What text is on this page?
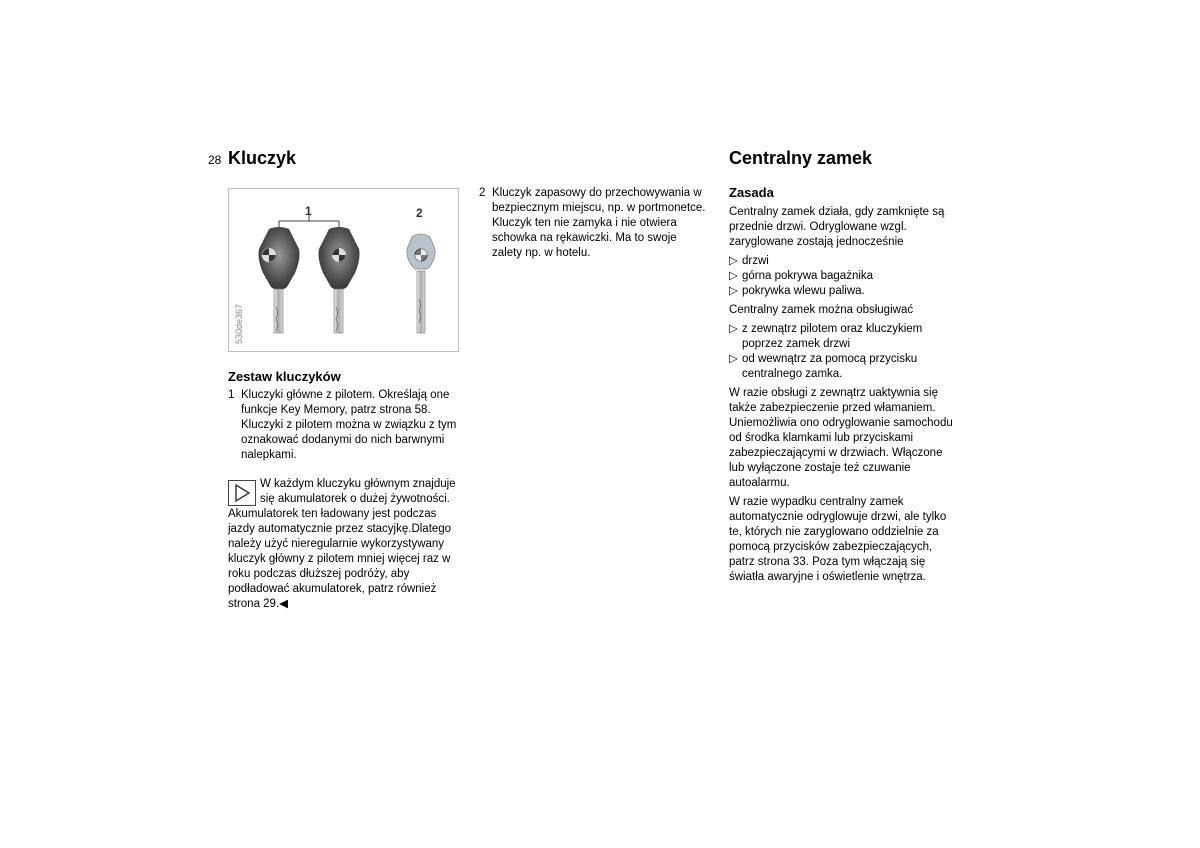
28 Kluczyk
1	2
530de367
Zestaw kluczyków
1 Kluczyki główne z pilotem. Określają one
funkcje Key Memory, patrz strona 58.
Kluczyki z pilotem można w związku z tym
oznakować dodanymi do nich barwnymi
nalepkami.
W każdym kluczyku głównym znajduje
się akumulatorek o dużej żywotności.
Akumulatorek ten ładowany jest podczas
jazdy automatycznie przez stacyjkę.Dlatego
należy użyć nieregularnie wykorzystywany
kluczyk główny z pilotem mniej więcej raz w
roku podczas dłuższej podróży, aby
podładować akumulatorek, patrz również
strona 29.◀
2 Kluczyk zapasowy do przechowywania w
bezpiecznym miejscu, np. w portmonetce.
Kluczyk ten nie zamyka i nie otwiera
schowka na rękawiczki. Ma to swoje
zalety np. w hotelu.
Centralny zamek
Zasada
Centralny zamek działa, gdy zamknięte są
przednie drzwi. Odryglowane wzgl.
zaryglowane zostają jednocześnie
▷ drzwi
▷ górna pokrywa bagażnika
▷ pokrywka wlewu paliwa.
Centralny zamek można obsługiwać
▷ z zewnątrz pilotem oraz kluczykiem
poprzez zamek drzwi
▷ od wewnątrz za pomocą przycisku
centralnego zamka.
W razie obsługi z zewnątrz uaktywnia się
także zabezpieczenie przed włamaniem.
Uniemożliwia ono odryglowanie samochodu
od środka klamkami lub przyciskami
zabezpieczającymi w drzwiach. Włączone
lub wyłączone zostaje też czuwanie
autoalarmu.
W razie wypadku centralny zamek
automatycznie odryglowuje drzwi, ale tylko
te, których nie zaryglowano oddzielnie za
pomocą przycisków zabezpieczających,
patrz strona 33. Poza tym włączają się
światła awaryjne i oświetlenie wnętrza.
